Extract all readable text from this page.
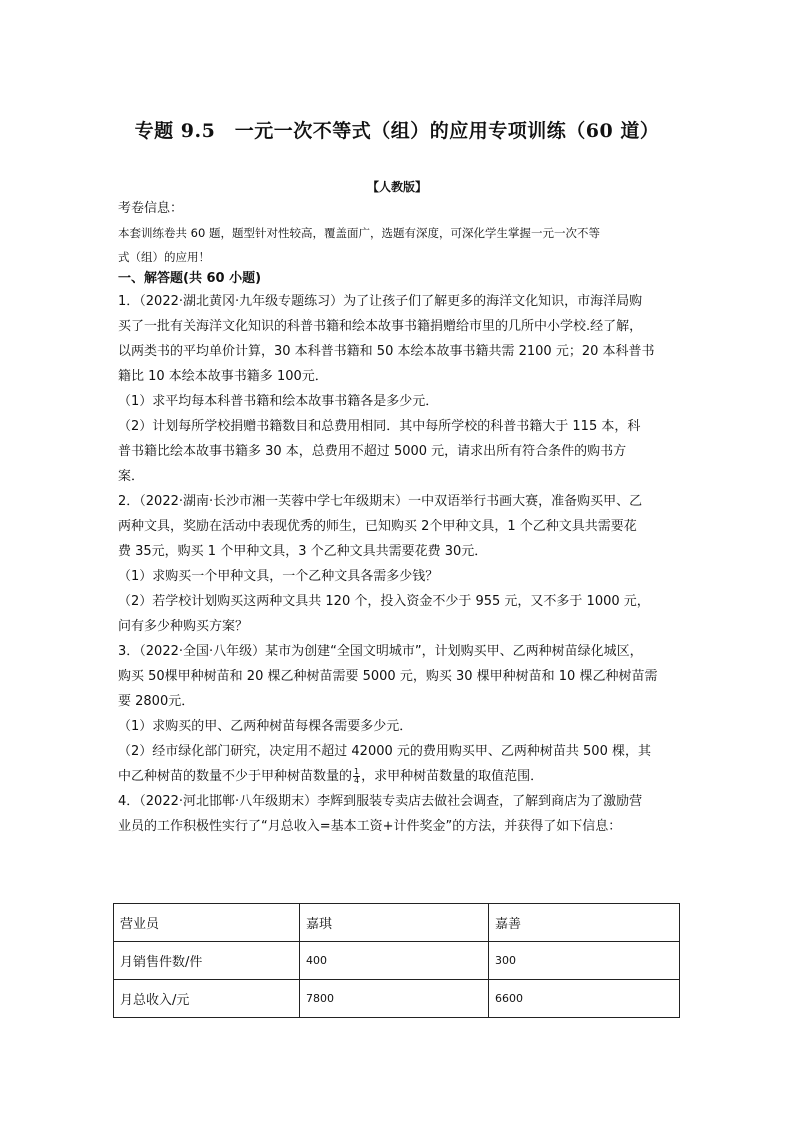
专题 9.5　一元一次不等式（组）的应用专项训练（60 道）
【人教版】

考卷信息：

本套训练卷共 60 题，题型针对性较高，覆盖面广，选题有深度，可深化学生掌握一元一次不等

式（组）的应用！

一、解答题(共 60 小题)

1．（2022·湖北黄冈·九年级专题练习）为了让孩子们了解更多的海洋文化知识，市海洋局购

买了一批有关海洋文化知识的科普书籍和绘本故事书籍捐赠给市里的几所中小学校.经了解，

以两类书的平均单价计算，30 本科普书籍和 50 本绘本故事书籍共需 2100 元；20 本科普书

籍比 10 本绘本故事书籍多 100元．

（1）求平均每本科普书籍和绘本故事书籍各是多少元．

（2）计划每所学校捐赠书籍数目和总费用相同．其中每所学校的科普书籍大于 115 本，科

普书籍比绘本故事书籍多 30 本，总费用不超过 5000 元，请求出所有符合条件的购书方

案．

2．（2022·湖南·长沙市湘一芙蓉中学七年级期末）一中双语举行书画大赛，准备购买甲、乙

两种文具，奖励在活动中表现优秀的师生，已知购买 2个甲种文具，1 个乙种文具共需要花

费 35元，购买 1 个甲种文具，3 个乙种文具共需要花费 30元．

（1）求购买一个甲种文具，一个乙种文具各需多少钱？

（2）若学校计划购买这两种文具共 120 个，投入资金不少于 955 元，又不多于 1000 元，

问有多少种购买方案？

3．（2022·全国·八年级）某市为创建“全国文明城市”，计划购买甲、乙两种树苗绿化城区，

购买 50棵甲种树苗和 20 棵乙种树苗需要 5000 元，购买 30 棵甲种树苗和 10 棵乙种树苗需

要 2800元．

（1）求购买的甲、乙两种树苗每棵各需要多少元．

（2）经市绿化部门研究，决定用不超过 42000 元的费用购买甲、乙两种树苗共 500 棵，其

中乙种树苗的数量不少于甲种树苗数量的 $\frac{1}{4}$ ，求甲种树苗数量的取值范围．

4．（2022·河北邯郸·八年级期末）李辉到服装专卖店去做社会调查，了解到商店为了激励营

业员的工作积极性实行了“月总收入=基本工资+计件奖金”的方法，并获得了如下信息：

营业员	嘉琪	嘉善
月销售件数/件	400	300
月总收入/元	7800	6600
